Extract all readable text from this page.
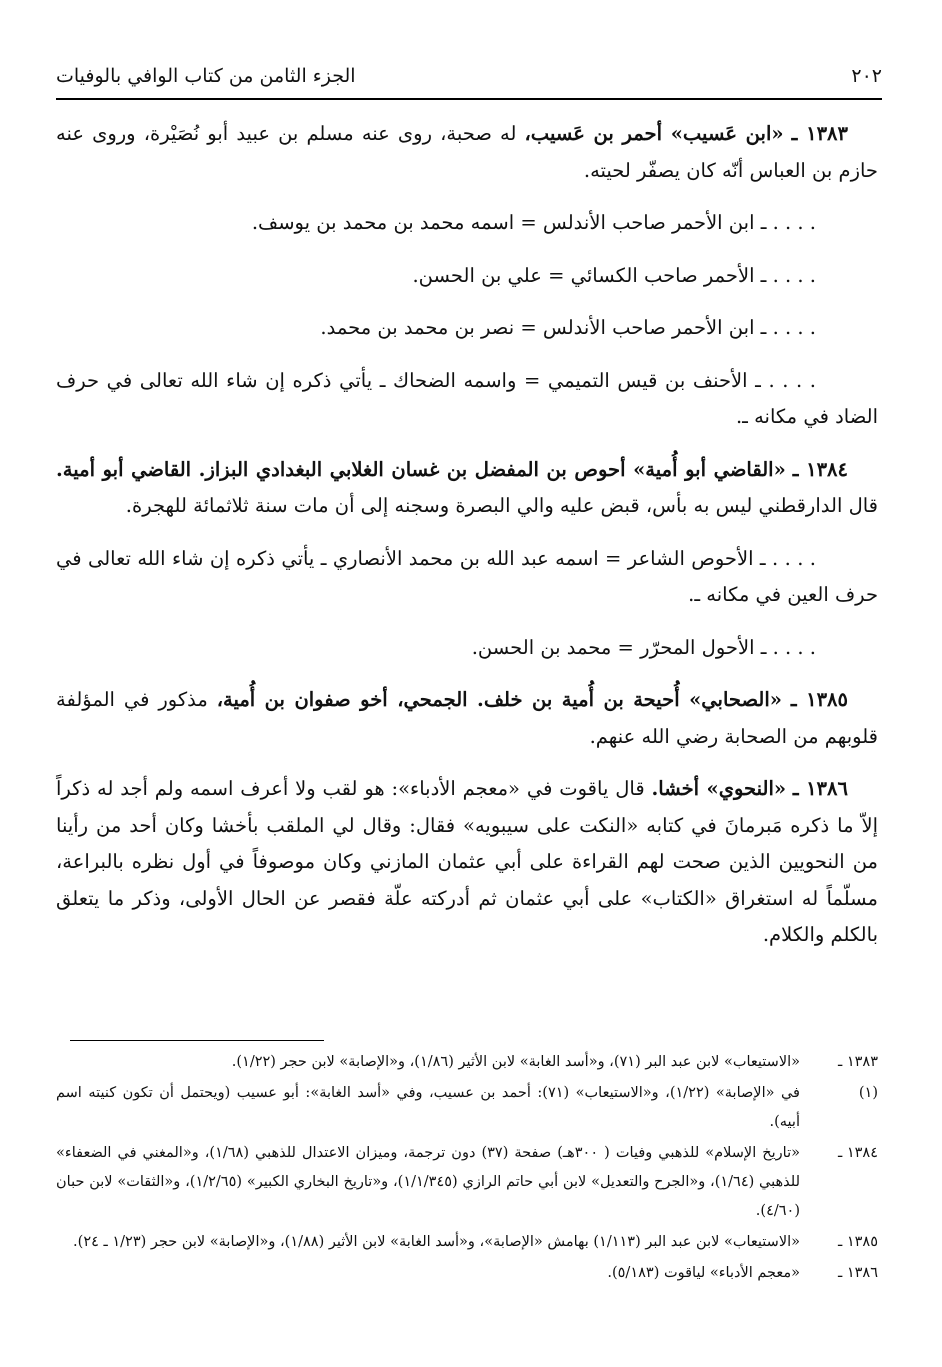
٢٠٢
الجزء الثامن من كتاب الوافي بالوفيات

١٣٨٣ ـ «ابن عَسيب» أحمر بن عَسيب، له صحبة، روى عنه مسلم بن عبيد أبو نُصَيْرة، وروى عنه حازم بن العباس أنّه كان يصفّر لحيته.

. . . . ـ ابن الأحمر صاحب الأندلس = اسمه محمد بن محمد بن يوسف.

. . . . ـ الأحمر صاحب الكسائي = علي بن الحسن.

. . . . ـ ابن الأحمر صاحب الأندلس = نصر بن محمد بن محمد.

. . . . ـ الأحنف بن قيس التميمي = واسمه الضحاك ـ يأتي ذكره إن شاء الله تعالى في حرف الضاد في مكانه ـ.

١٣٨٤ ـ «القاضي أبو أُمية» أحوص بن المفضل بن غسان الغلابي البغدادي البزاز. القاضي أبو أمية. قال الدارقطني ليس به بأس، قبض عليه والي البصرة وسجنه إلى أن مات سنة ثلاثمائة للهجرة.

. . . . ـ الأحوص الشاعر = اسمه عبد الله بن محمد الأنصاري ـ يأتي ذكره إن شاء الله تعالى في حرف العين في مكانه ـ.

. . . . ـ الأحول المحرّر = محمد بن الحسن.

١٣٨٥ ـ «الصحابي» أُحيحة بن أُمية بن خلف. الجمحي، أخو صفوان بن أُمية، مذكور في المؤلفة قلوبهم من الصحابة رضي الله عنهم.

١٣٨٦ ـ «النحوي» أخشا. قال ياقوت في «معجم الأدباء»: هو لقب ولا أعرف اسمه ولم أجد له ذكراً إلاّ ما ذكره مَبرمانَ في كتابه «النكت على سيبويه» فقال: وقال لي الملقب بأخشا وكان أحد من رأينا من النحويين الذين صحت لهم القراءة على أبي عثمان المازني وكان موصوفاً في أول نظره بالبراعة، مسلّماً له استغراق «الكتاب» على أبي عثمان ثم أدركته علّة فقصر عن الحال الأولى، وذكر ما يتعلق بالكلم والكلام.

١٣٨٣ ـ
«الاستيعاب» لابن عبد البر (٧١)، و«أسد الغابة» لابن الأثير (١/٨٦)، و«الإصابة» لابن حجر (١/٢٢).
(١)
في «الإصابة» (١/٢٢)، و«الاستيعاب» (٧١): أحمد بن عسيب، وفي «أسد الغابة»: أبو عسيب (ويحتمل أن تكون كنيته اسم أبيه).
١٣٨٤ ـ
«تاريخ الإسلام» للذهبي وفيات ( ٣٠٠هـ) صفحة (٣٧) دون ترجمة، وميزان الاعتدال للذهبي (١/٦٨)، و«المغني في الضعفاء» للذهبي (١/٦٤)، و«الجرح والتعديل» لابن أبي حاتم الرازي (١/١/٣٤٥)، و«تاريخ البخاري الكبير» (١/٢/٦٥)، و«الثقات» لابن حبان (٤/٦٠).
١٣٨٥ ـ
«الاستيعاب» لابن عبد البر (١/١١٣) بهامش «الإصابة»، و«أسد الغابة» لابن الأثير (١/٨٨)، و«الإصابة» لابن حجر (١/٢٣ ـ ٢٤).
١٣٨٦ ـ
«معجم الأدباء» لياقوت (٥/١٨٣).
